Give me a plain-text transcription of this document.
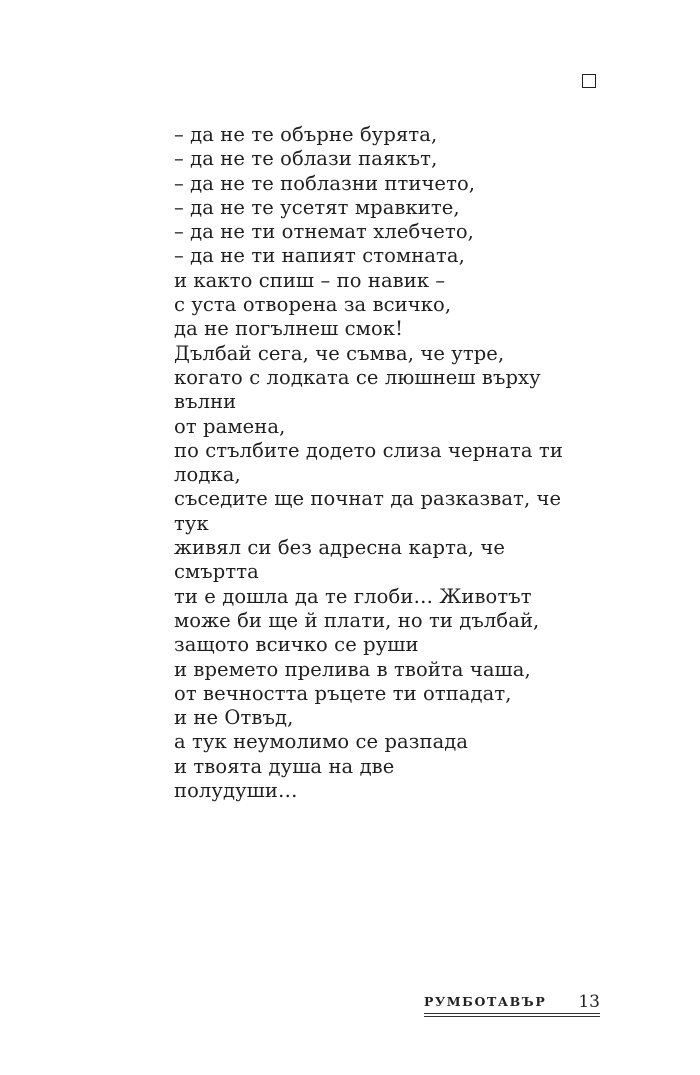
– да не те обърне бурята,
– да не те облази паякът,
– да не те поблазни птичето,
– да не те усетят мравките,
– да не ти отнемат хлебчето,
– да не ти напият стомната,
и както спиш – по навик –
с уста отворена за всичко,
да не погълнеш смок!
Дълбай сега, че съмва, че утре,
когато с лодката се люшнеш върху
вълни
от рамена,
по стълбите додето слиза черната ти
лодка,
съседите ще почнат да разказват, че
тук
живял си без адресна карта, че
смъртта
ти е дошла да те глоби… Животът
може би ще й плати, но ти дълбай,
защото всичко се руши
и времето прелива в твойта чаша,
от вечността ръцете ти отпадат,
и не Отвъд,
а тук неумолимо се разпада
и твоята душа на две
полудуши…
РУМБОТАВЪР 13
